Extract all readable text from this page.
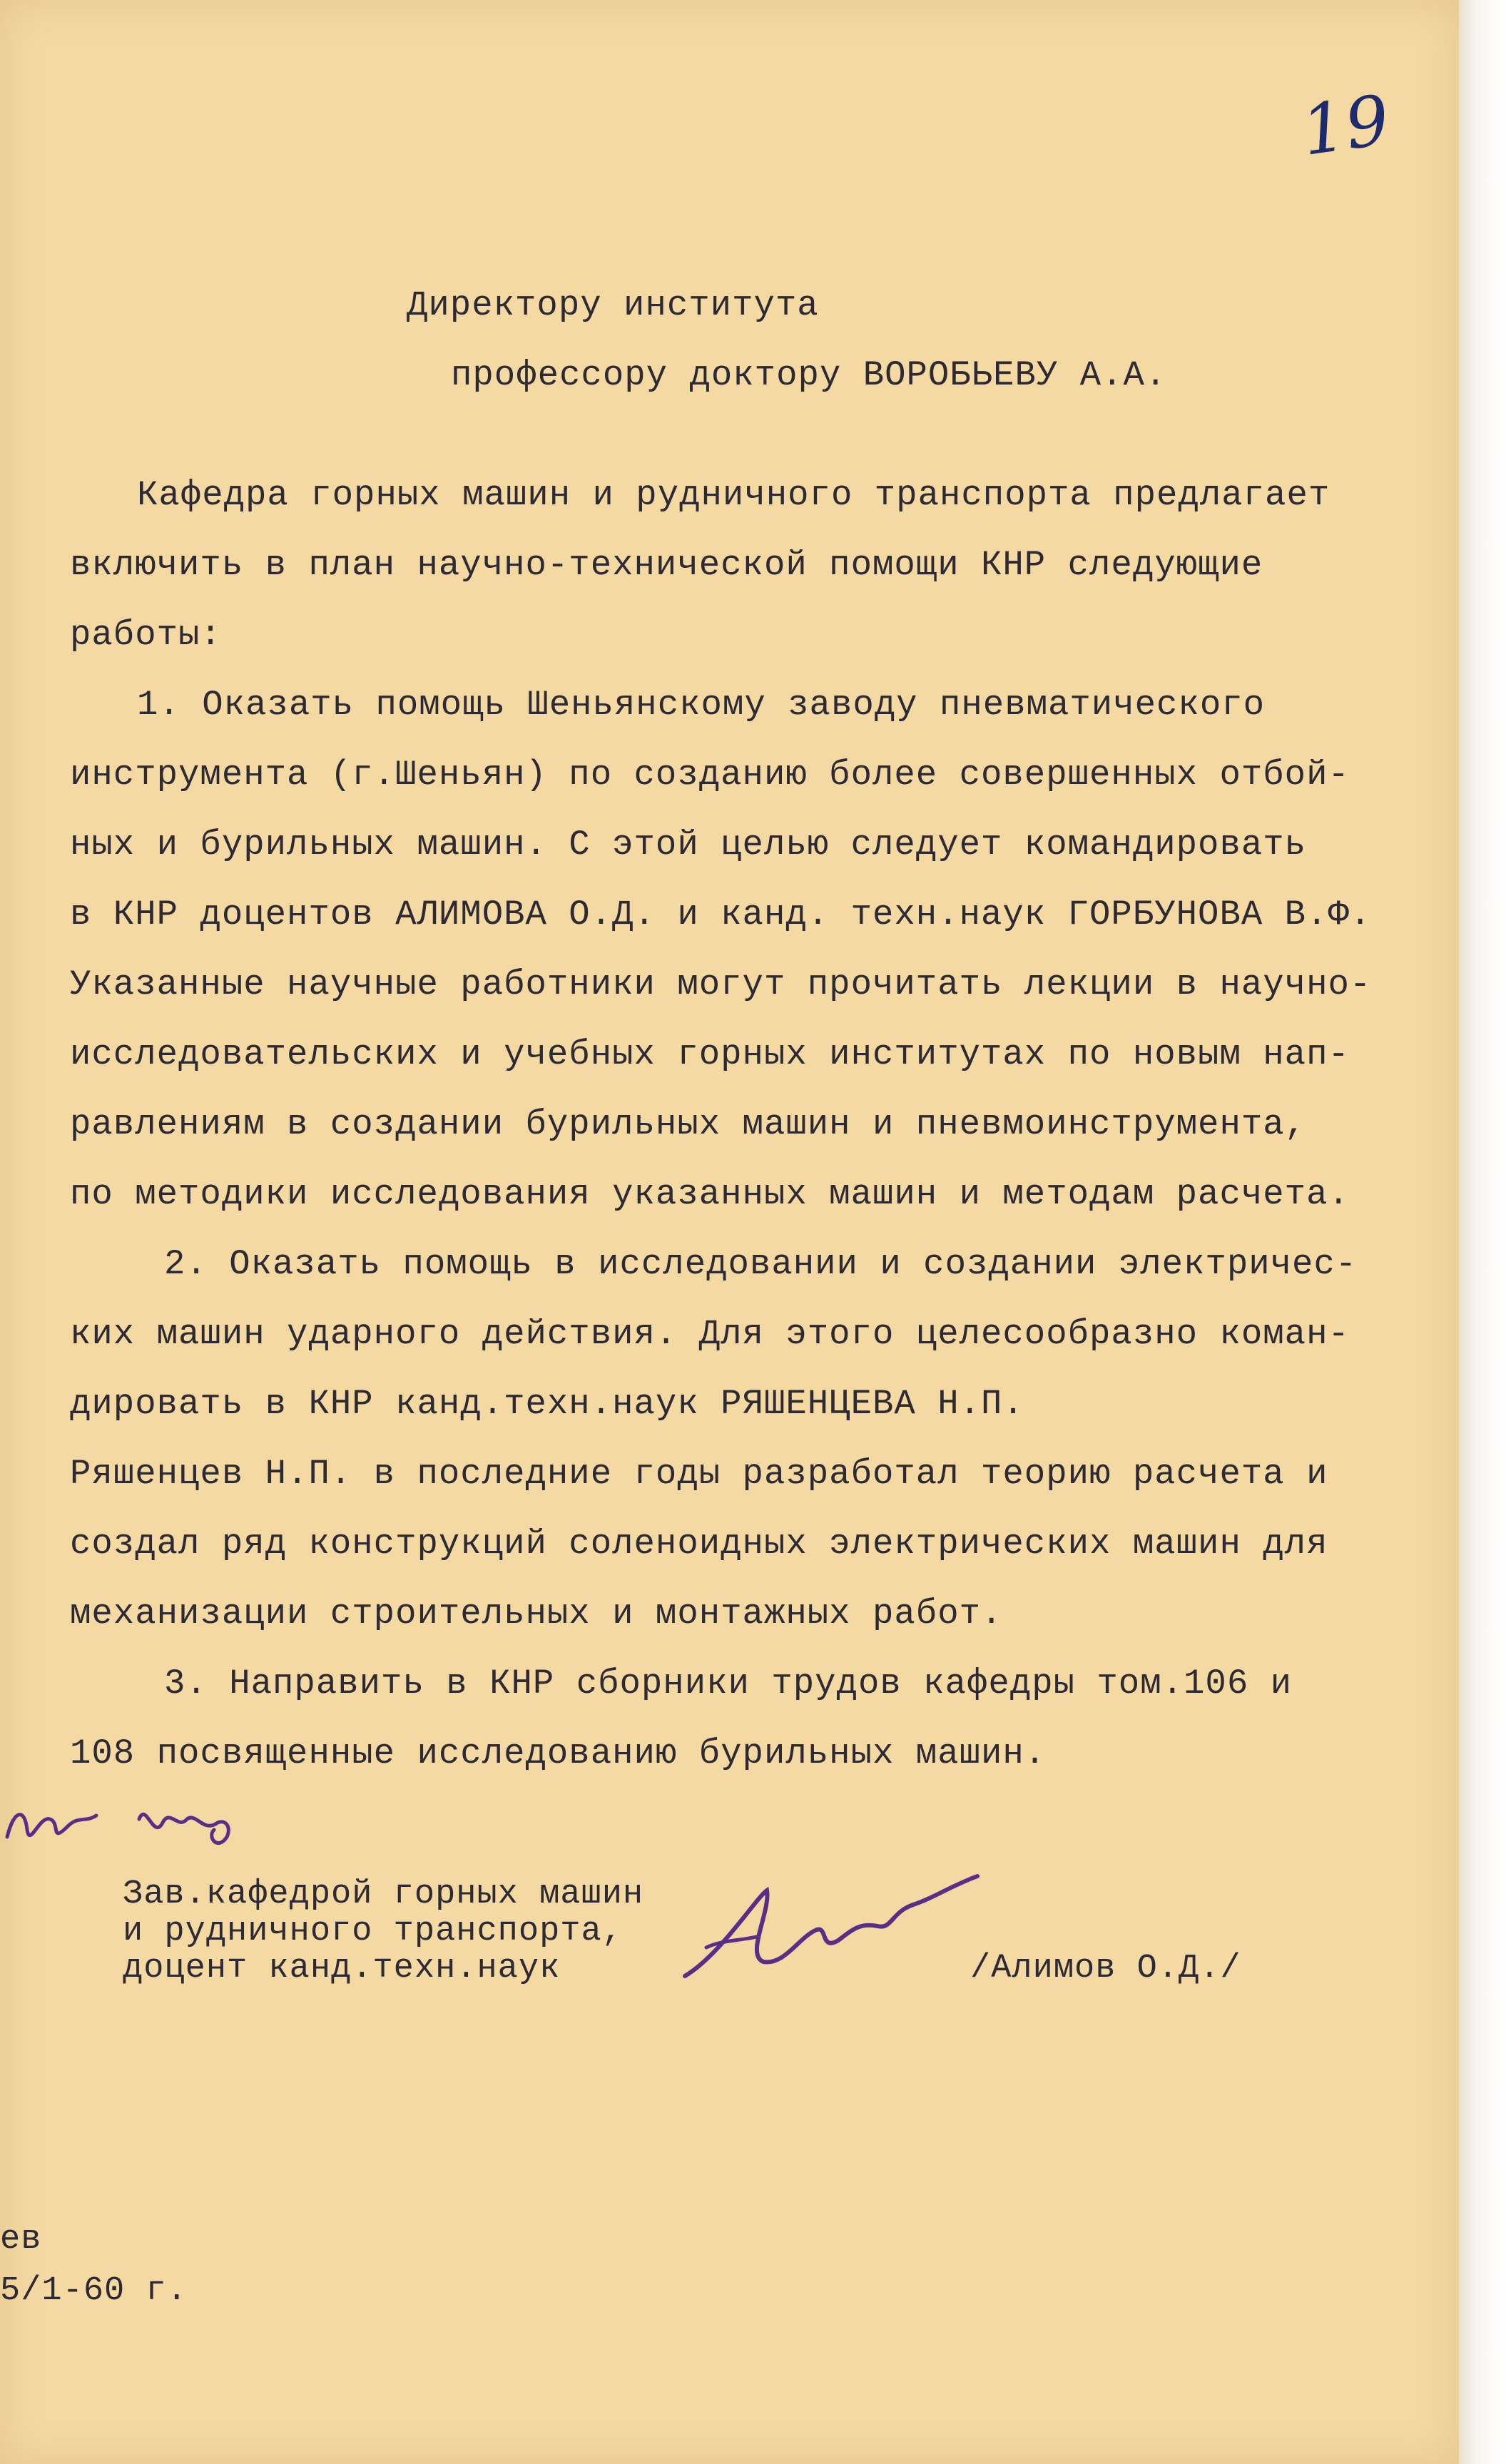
19
Директору института
профессору доктору ВОРОБЬЕВУ А.А.
Кафедра горных машин и рудничного транспорта предлагает
включить в план научно-технической помощи КНР следующие
работы:
1. Оказать помощь Шеньянскому заводу пневматического
инструмента (г.Шеньян) по созданию более совершенных отбой-
ных и бурильных машин. С этой целью следует командировать
в КНР доцентов АЛИМОВА О.Д. и канд. техн.наук ГОРБУНОВА В.Ф.
Указанные научные работники могут прочитать лекции в научно-
исследовательских и учебных горных институтах по новым нап-
равлениям в создании бурильных машин и пневмоинструмента,
по методики исследования указанных машин и методам расчета.
2. Оказать помощь в исследовании и создании электричес-
ких машин ударного действия. Для этого целесообразно коман-
дировать в КНР канд.техн.наук РЯШЕНЦЕВА Н.П.
Ряшенцев Н.П. в последние годы разработал теорию расчета и
создал ряд конструкций соленоидных электрических машин для
механизации строительных и монтажных работ.
3. Направить в КНР сборники трудов кафедры том.106 и
108 посвященные исследованию бурильных машин.
Зав.кафедрой горных машин
и рудничного транспорта,
доцент канд.техн.наук	/Алимов О.Д./
ев
5/1-60 г.
